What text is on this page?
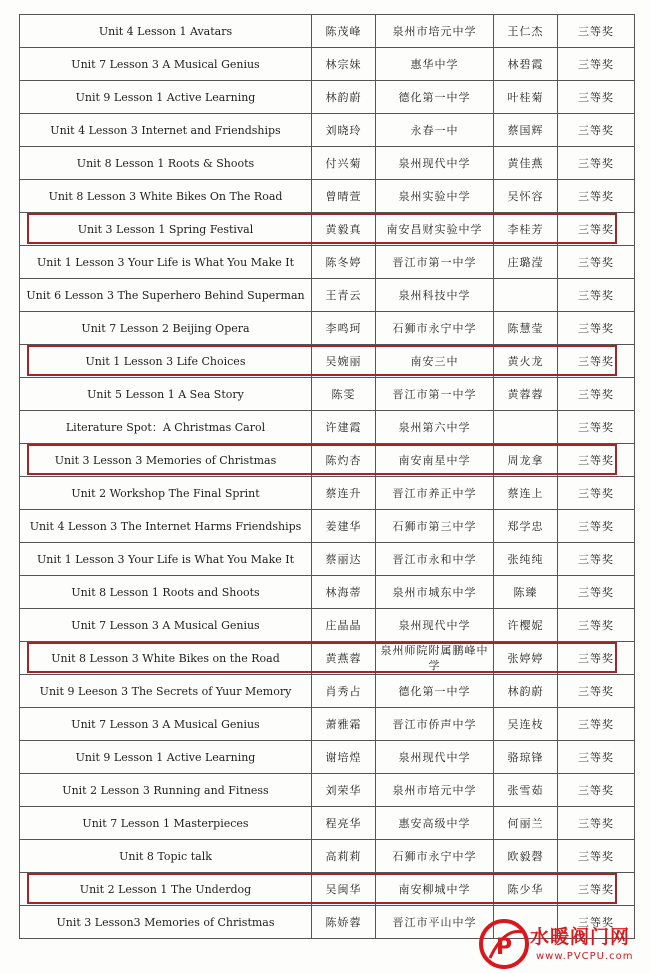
Unit 4 Lesson 1 Avatars	陈茂峰	泉州市培元中学	王仁杰	三等奖
Unit 7 Lesson 3 A Musical Genius	林宗妹	惠华中学	林碧霞	三等奖
Unit 9 Lesson 1 Active Learning	林韵蔚	德化第一中学	叶桂菊	三等奖
Unit 4 Lesson 3 Internet and Friendships	刘晓玲	永春一中	蔡国辉	三等奖
Unit 8 Lesson 1 Roots & Shoots	付兴菊	泉州现代中学	黄佳燕	三等奖
Unit 8 Lesson 3 White Bikes On The Road	曾晴萱	泉州实验中学	吴怀容	三等奖
Unit 3 Lesson 1 Spring Festival	黄毅真	南安昌财实验中学	李桂芳	三等奖
Unit 1 Lesson 3 Your Life is What You Make It	陈冬婷	晋江市第一中学	庄璐滢	三等奖
Unit 6 Lesson 3 The Superhero Behind Superman	王青云	泉州科技中学		三等奖
Unit 7 Lesson 2 Beijing Opera	李鸣珂	石狮市永宁中学	陈慧莹	三等奖
Unit 1 Lesson 3 Life Choices	吴婉丽	南安三中	黄火龙	三等奖
Unit 5 Lesson 1 A Sea Story	陈雯	晋江市第一中学	黄蓉蓉	三等奖
Literature Spot：A Christmas Carol	许建霞	泉州第六中学		三等奖
Unit 3 Lesson 3 Memories of Christmas	陈灼杏	南安南星中学	周龙拿	三等奖
Unit 2 Workshop The Final Sprint	蔡连升	晋江市养正中学	蔡连上	三等奖
Unit 4 Lesson 3 The Internet Harms Friendships	姜建华	石狮市第三中学	郑学忠	三等奖
Unit 1 Lesson 3 Your Life is What You Make It	蔡丽达	晋江市永和中学	张纯纯	三等奖
Unit 8 Lesson 1 Roots and Shoots	林海蒂	泉州市城东中学	陈臻	三等奖
Unit 7 Lesson 3 A Musical Genius	庄晶晶	泉州现代中学	许樱妮	三等奖
Unit 8 Lesson 3 White Bikes on the Road	黄燕蓉	泉州师院附属鹏峰中学	张婷婷	三等奖
Unit 9 Leeson 3 The Secrets of Yuur Memory	肖秀占	德化第一中学	林韵蔚	三等奖
Unit 7 Lesson 3 A Musical Genius	萧雅霜	晋江市侨声中学	吴连枝	三等奖
Unit 9 Lesson 1 Active Learning	谢培煌	泉州现代中学	骆琼锋	三等奖
Unit 2 Lesson 3 Running and Fitness	刘荣华	泉州市培元中学	张雪茹	三等奖
Unit 7 Lesson 1 Masterpieces	程亮华	惠安高级中学	何丽兰	三等奖
Unit 8 Topic talk	高莉莉	石狮市永宁中学	欧毅磬	三等奖
Unit 2 Lesson 1 The Underdog	吴闽华	南安柳城中学	陈少华	三等奖
Unit 3 Lesson3 Memories of Christmas	陈娇蓉	晋江市平山中学		三等奖
P 水暖阀门网
www.PVCPU.com
